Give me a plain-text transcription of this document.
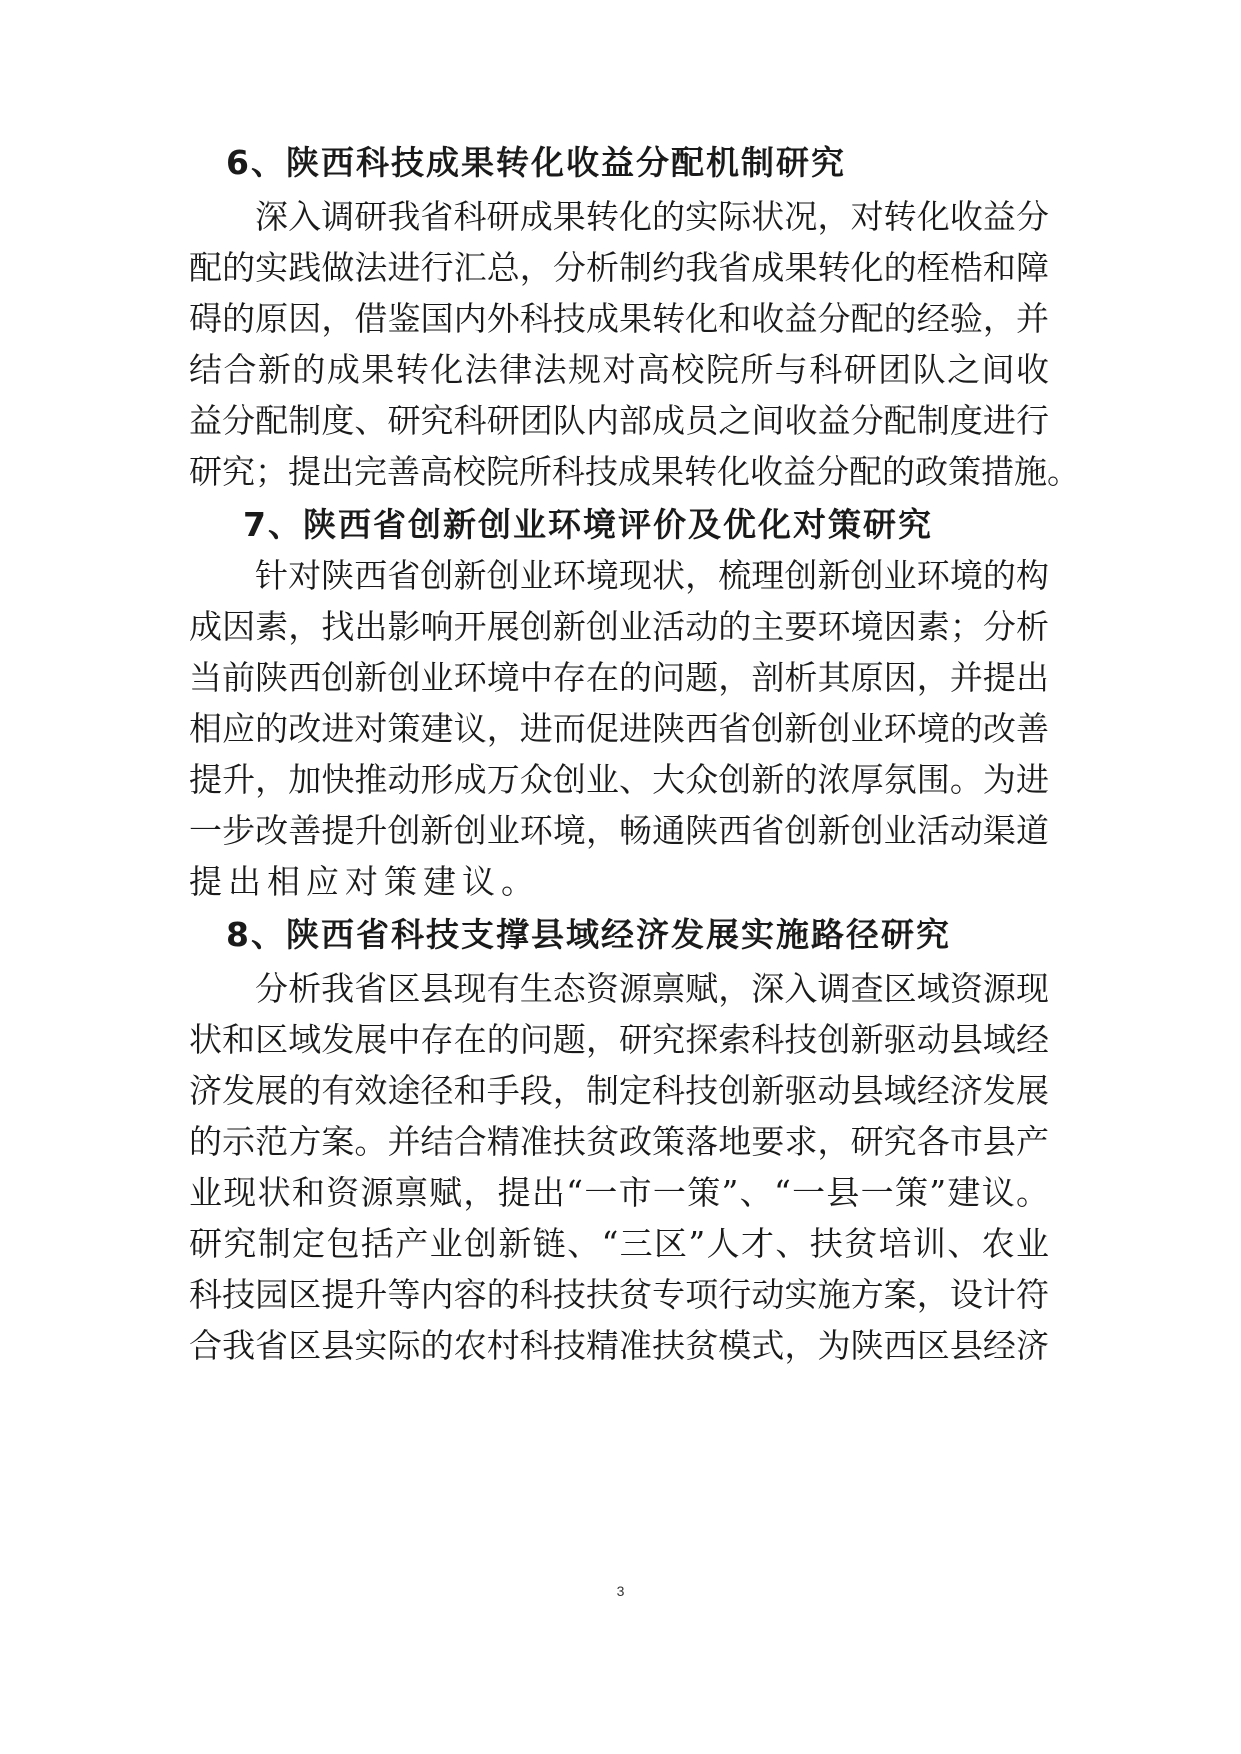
6、陕西科技成果转化收益分配机制研究
深入调研我省科研成果转化的实际状况，对转化收益分
配的实践做法进行汇总，分析制约我省成果转化的桎梏和障
碍的原因，借鉴国内外科技成果转化和收益分配的经验，并
结合新的成果转化法律法规对高校院所与科研团队之间收
益分配制度、研究科研团队内部成员之间收益分配制度进行
研究；提出完善高校院所科技成果转化收益分配的政策措施。
7、陕西省创新创业环境评价及优化对策研究
针对陕西省创新创业环境现状，梳理创新创业环境的构
成因素，找出影响开展创新创业活动的主要环境因素；分析
当前陕西创新创业环境中存在的问题，剖析其原因，并提出
相应的改进对策建议，进而促进陕西省创新创业环境的改善
提升，加快推动形成万众创业、大众创新的浓厚氛围。为进
一步改善提升创新创业环境，畅通陕西省创新创业活动渠道
提出相应对策建议。
8、陕西省科技支撑县域经济发展实施路径研究
分析我省区县现有生态资源禀赋，深入调查区域资源现
状和区域发展中存在的问题，研究探索科技创新驱动县域经
济发展的有效途径和手段，制定科技创新驱动县域经济发展
的示范方案。并结合精准扶贫政策落地要求，研究各市县产
业现状和资源禀赋，提出“一市一策”、“一县一策”建议。
研究制定包括产业创新链、“三区”人才、扶贫培训、农业
科技园区提升等内容的科技扶贫专项行动实施方案，设计符
合我省区县实际的农村科技精准扶贫模式，为陕西区县经济
3
